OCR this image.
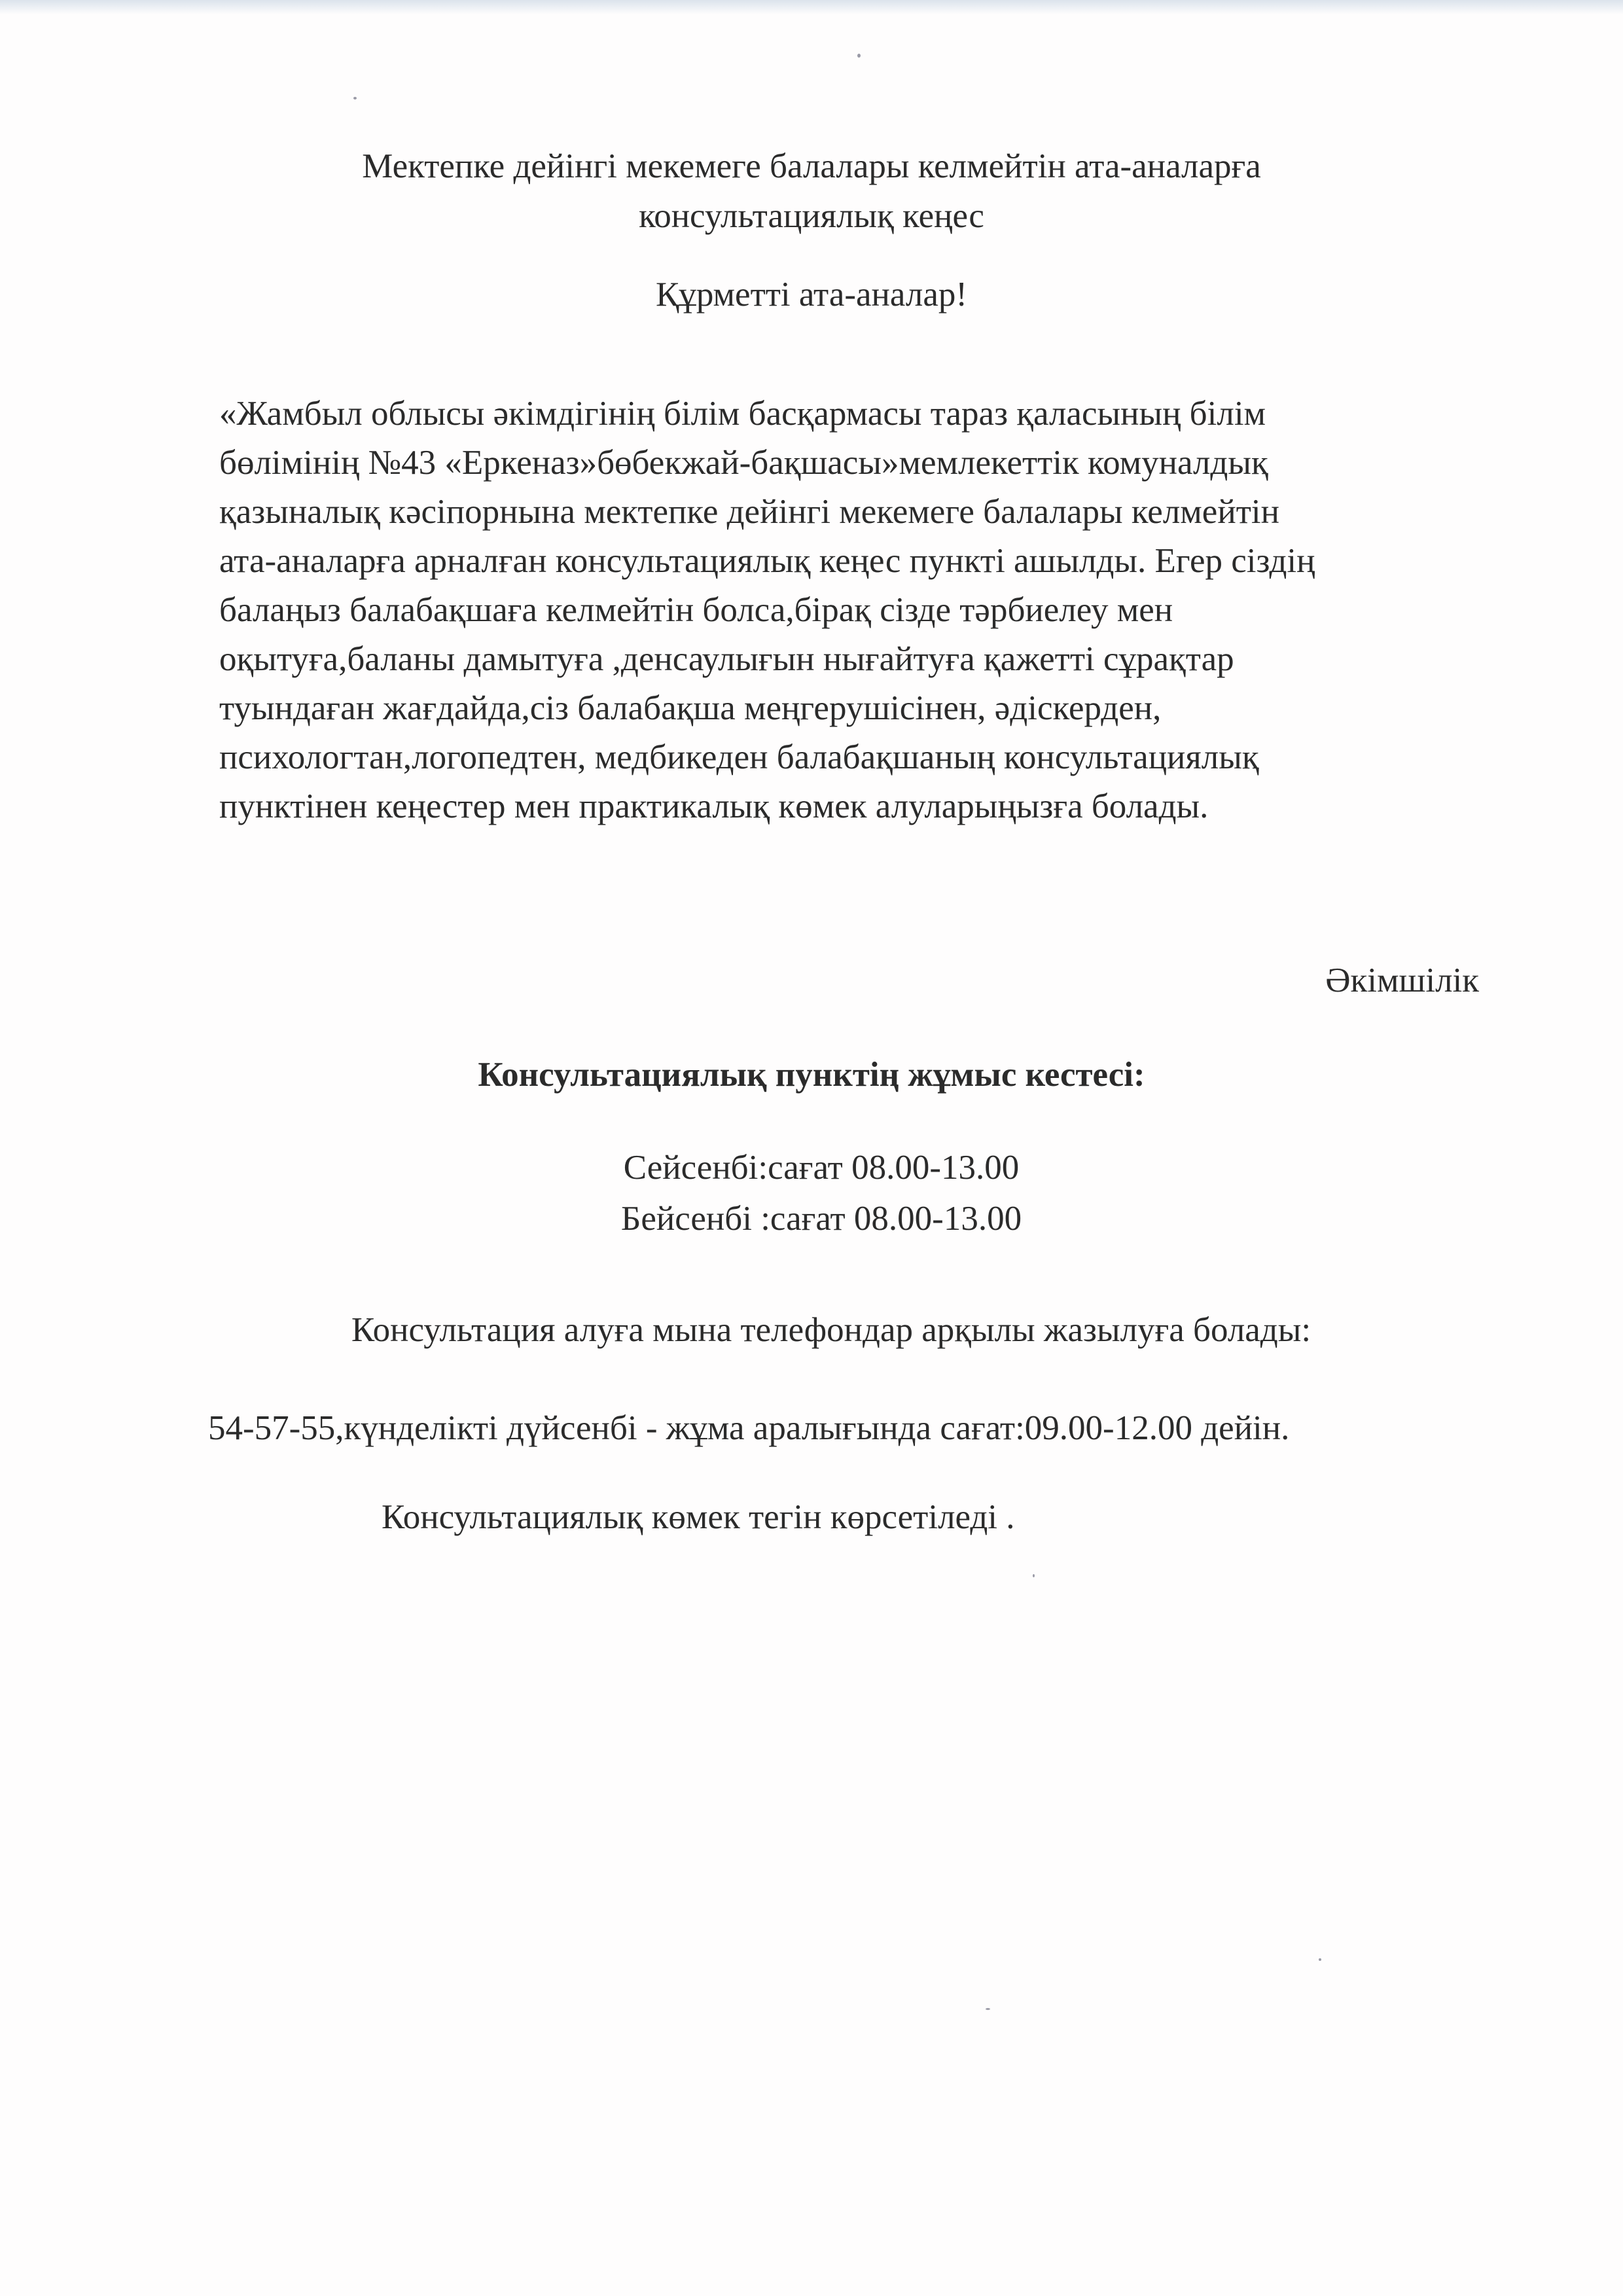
Мектепке дейінгі мекемеге балалары келмейтін ата-аналарға
консультациялық кеңес
Құрметті ата-аналар!
«Жамбыл облысы әкімдігінің білім басқармасы тараз қаласының білім
бөлімінің №43 «Еркеназ»бөбекжай-бақшасы»мемлекеттік комуналдық
қазыналық кәсіпорнына мектепке дейінгі мекемеге балалары келмейтін
ата-аналарға арналған консультациялық кеңес пункті ашылды. Егер сіздің
балаңыз балабақшаға келмейтін болса,бірақ сізде тәрбиелеу мен
оқытуға,баланы дамытуға ,денсаулығын нығайтуға қажетті сұрақтар
туындаған жағдайда,сіз балабақша меңгерушісінен, әдіскерден,
психологтан,логопедтен, медбикеден балабақшаның консультациялық
пунктінен кеңестер мен практикалық көмек алуларыңызға болады.
Әкімшілік
Консультациялық пунктің жұмыс кестесі:
Сейсенбі:сағат 08.00-13.00
Бейсенбі :сағат 08.00-13.00
Консультация алуға мына телефондар арқылы жазылуға болады:
54-57-55,күнделікті дүйсенбі - жұма аралығында сағат:09.00-12.00 дейін.
Консультациялық көмек тегін көрсетіледі .
